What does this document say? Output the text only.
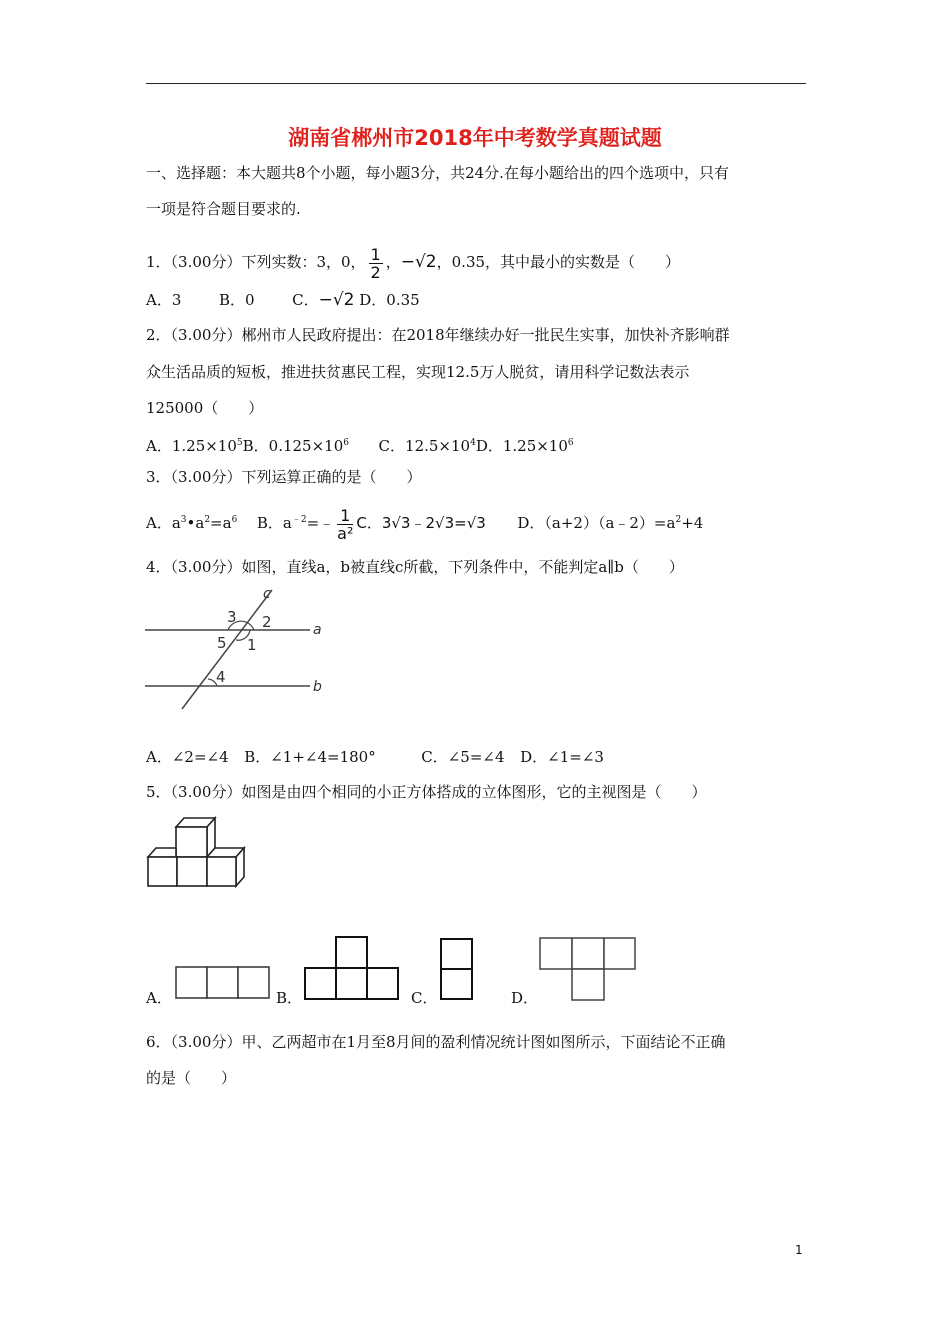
湖南省郴州市2018年中考数学真题试题
一、选择题：本大题共8个小题，每小题3分，共24分.在每小题给出的四个选项中，只有
一项是符合题目要求的.
1．（3.00分）下列实数：3，0， $\frac{1}{2}$ ，−√2，0.35，其中最小的实数是（　　）
A．3	B．0	C．−√2 D．0.35
2．（3.00分）郴州市人民政府提出：在2018年继续办好一批民生实事，加快补齐影响群
众生活品质的短板，推进扶贫惠民工程，实现12.5万人脱贫，请用科学记数法表示
125000（　　）
A．$1.25\times 10^5B$．$0.125\times 10^6$ C．$12.5\times 10^4D$．$1.25\times 10^6$
3．（3.00分）下列运算正确的是（　　）
A．$a^3•a^2=a^6$ B．$a^{﹣2}=﹣ \frac{1}{\text{a²}}$ C．3√3﹣2√3=√3 D．$(a+2)(a﹣2)=a^2+4$
4．（3.00分）如图，直线a，b被直线c所截，下列条件中，不能判定a∥b（　　）
c
3 2	a
5 1
4
b
A．∠2=∠4 B．∠1+∠4=180°	C．∠5=∠4 D．∠1=∠3
5．（3.00分）如图是由四个相同的小正方体搭成的立体图形，它的主视图是（　　）
A．	B．	C．	D．
6．（3.00分）甲、乙两超市在1月至8月间的盈利情况统计图如图所示，下面结论不正确
的是（　　）
1
